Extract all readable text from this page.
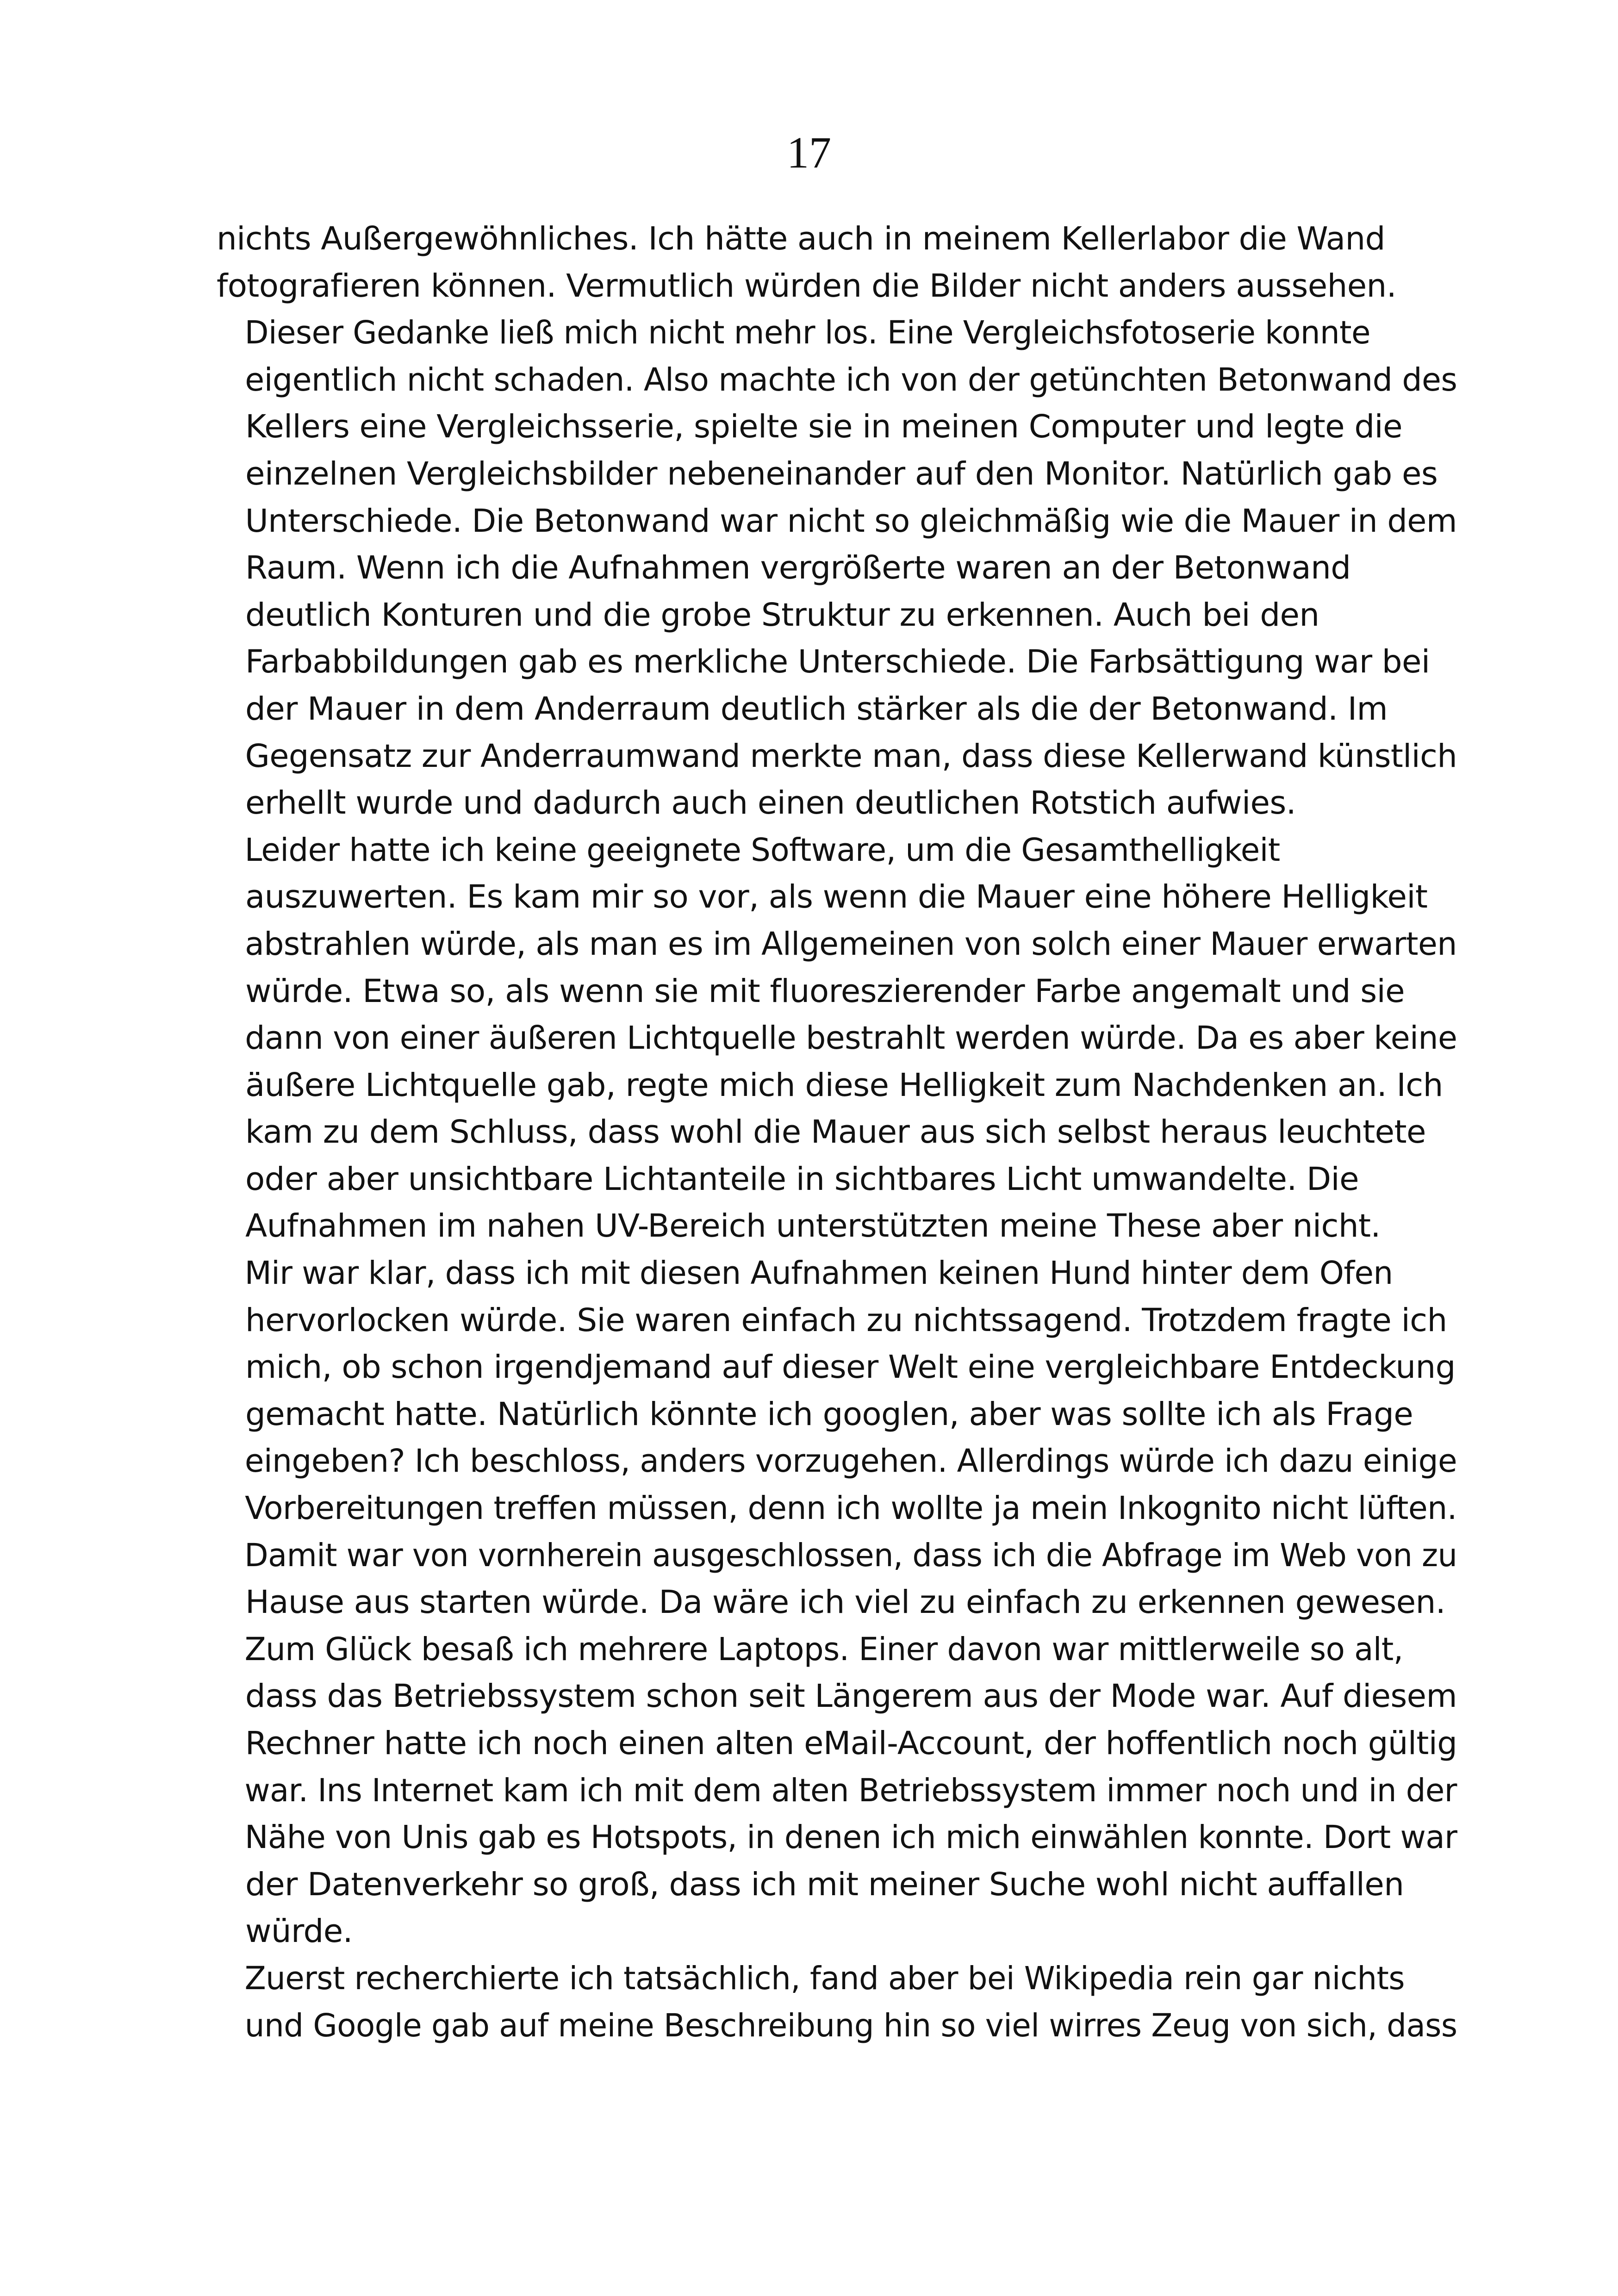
17
nichts Außergewöhnliches. Ich hätte auch in meinem Kellerlabor die Wand
fotografieren können. Vermutlich würden die Bilder nicht anders aussehen.
Dieser Gedanke ließ mich nicht mehr los. Eine Vergleichsfotoserie konnte
eigentlich nicht schaden. Also machte ich von der getünchten Betonwand des
Kellers eine Vergleichsserie, spielte sie in meinen Computer und legte die
einzelnen Vergleichsbilder nebeneinander auf den Monitor. Natürlich gab es
Unterschiede. Die Betonwand war nicht so gleichmäßig wie die Mauer in dem
Raum. Wenn ich die Aufnahmen vergrößerte waren an der Betonwand
deutlich Konturen und die grobe Struktur zu erkennen. Auch bei den
Farbabbildungen gab es merkliche Unterschiede. Die Farbsättigung war bei
der Mauer in dem Anderraum deutlich stärker als die der Betonwand. Im
Gegensatz zur Anderraumwand merkte man, dass diese Kellerwand künstlich
erhellt wurde und dadurch auch einen deutlichen Rotstich aufwies.
Leider hatte ich keine geeignete Software, um die Gesamthelligkeit
auszuwerten. Es kam mir so vor, als wenn die Mauer eine höhere Helligkeit
abstrahlen würde, als man es im Allgemeinen von solch einer Mauer erwarten
würde. Etwa so, als wenn sie mit fluoreszierender Farbe angemalt und sie
dann von einer äußeren Lichtquelle bestrahlt werden würde. Da es aber keine
äußere Lichtquelle gab, regte mich diese Helligkeit zum Nachdenken an. Ich
kam zu dem Schluss, dass wohl die Mauer aus sich selbst heraus leuchtete
oder aber unsichtbare Lichtanteile in sichtbares Licht umwandelte. Die
Aufnahmen im nahen UV-Bereich unterstützten meine These aber nicht.
Mir war klar, dass ich mit diesen Aufnahmen keinen Hund hinter dem Ofen
hervorlocken würde. Sie waren einfach zu nichtssagend. Trotzdem fragte ich
mich, ob schon irgendjemand auf dieser Welt eine vergleichbare Entdeckung
gemacht hatte. Natürlich könnte ich googlen, aber was sollte ich als Frage
eingeben? Ich beschloss, anders vorzugehen. Allerdings würde ich dazu einige
Vorbereitungen treffen müssen, denn ich wollte ja mein Inkognito nicht lüften.
Damit war von vornherein ausgeschlossen, dass ich die Abfrage im Web von zu
Hause aus starten würde. Da wäre ich viel zu einfach zu erkennen gewesen.
Zum Glück besaß ich mehrere Laptops. Einer davon war mittlerweile so alt,
dass das Betriebssystem schon seit Längerem aus der Mode war. Auf diesem
Rechner hatte ich noch einen alten eMail-Account, der hoffentlich noch gültig
war. Ins Internet kam ich mit dem alten Betriebssystem immer noch und in der
Nähe von Unis gab es Hotspots, in denen ich mich einwählen konnte. Dort war
der Datenverkehr so groß, dass ich mit meiner Suche wohl nicht auffallen
würde.
Zuerst recherchierte ich tatsächlich, fand aber bei Wikipedia rein gar nichts
und Google gab auf meine Beschreibung hin so viel wirres Zeug von sich, dass
